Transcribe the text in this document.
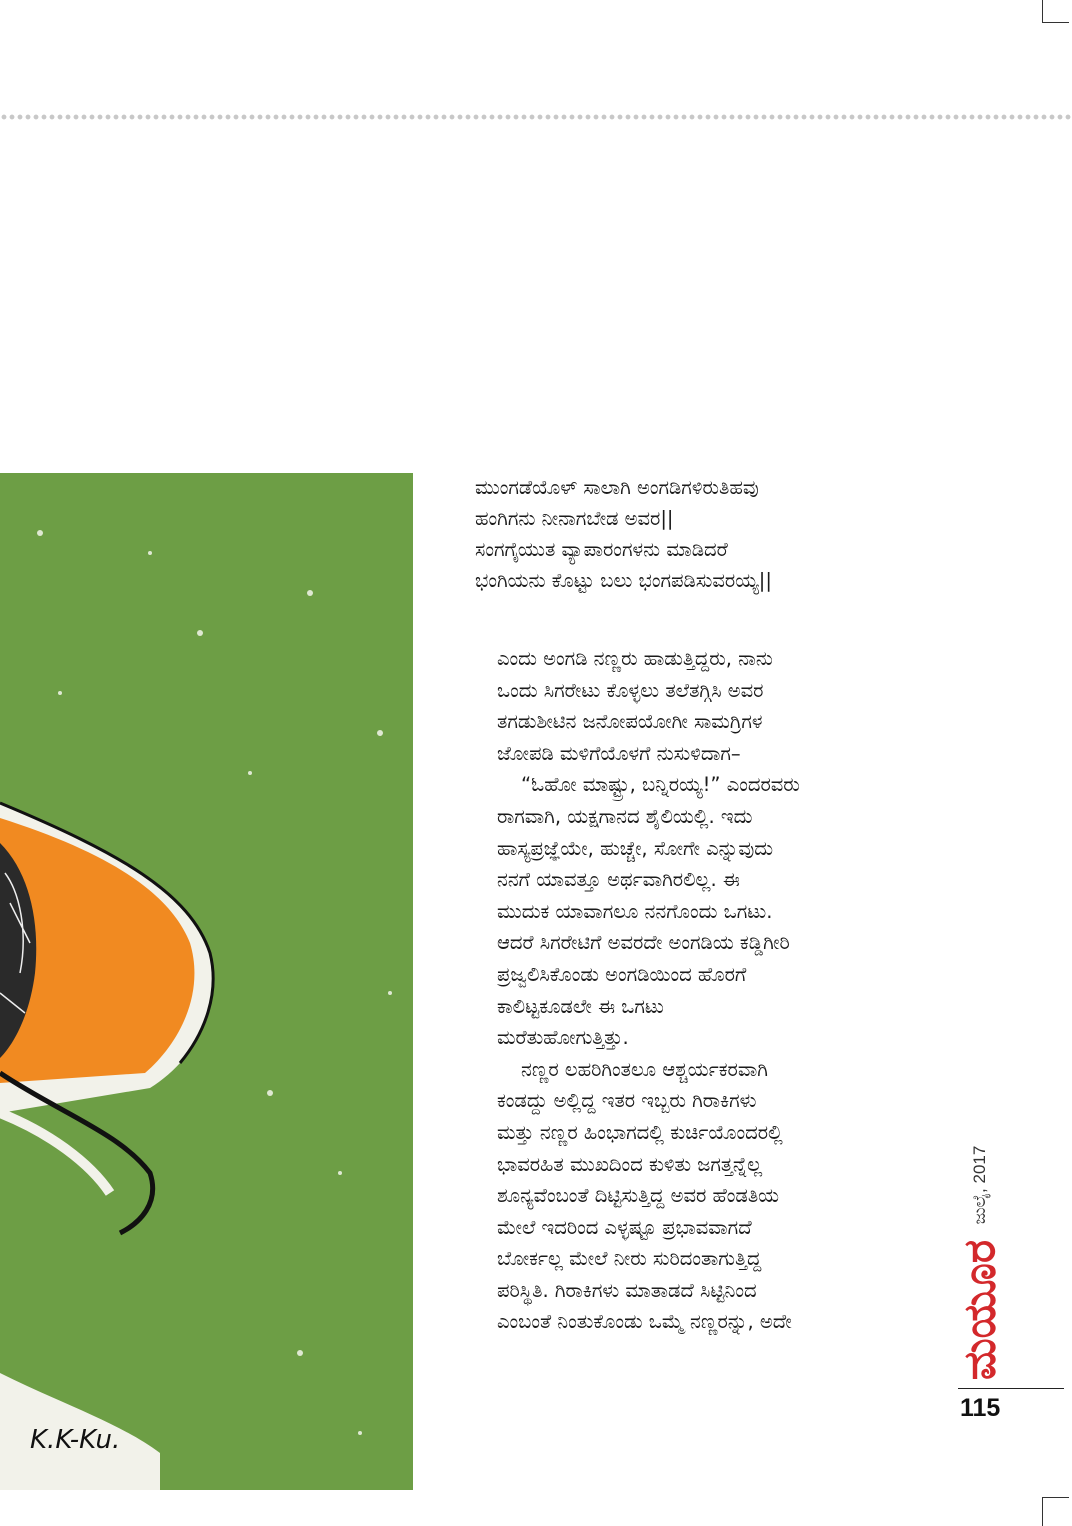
K.K-Ku.
ಮುಂಗಡೆಯೊಳ್ ಸಾಲಾಗಿ ಅಂಗಡಿಗಳಿರುತಿಹವು
ಹಂಗಿಗನು ನೀನಾಗಬೇಡ ಅವರ||
ಸಂಗಗೈಯುತ ವ್ಯಾಪಾರಂಗಳನು ಮಾಡಿದರೆ
ಭಂಗಿಯನು ಕೊಟ್ಟು ಬಲು ಭಂಗಪಡಿಸುವರಯ್ಯ||
ಎಂದು ಅಂಗಡಿ ನಣ್ಣರು ಹಾಡುತ್ತಿದ್ದರು, ನಾನು
ಒಂದು ಸಿಗರೇಟು ಕೊಳ್ಳಲು ತಲೆತಗ್ಗಿಸಿ ಅವರ
ತಗಡುಶೀಟಿನ ಜನೋಪಯೋಗೀ ಸಾಮಗ್ರಿಗಳ
ಜೋಪಡಿ ಮಳಿಗೆಯೊಳಗೆ ನುಸುಳಿದಾಗ–
“ಓಹೋ ಮಾಷ್ಟ್ರು, ಬನ್ನಿರಯ್ಯ!” ಎಂದರವರು
ರಾಗವಾಗಿ, ಯಕ್ಷಗಾನದ ಶೈಲಿಯಲ್ಲಿ. ಇದು
ಹಾಸ್ಯಪ್ರಜ್ಞೆಯೇ, ಹುಚ್ಚೇ, ಸೋಗೇ ಎನ್ನುವುದು
ನನಗೆ ಯಾವತ್ತೂ ಅರ್ಥವಾಗಿರಲಿಲ್ಲ. ಈ
ಮುದುಕ ಯಾವಾಗಲೂ ನನಗೊಂದು ಒಗಟು.
ಆದರೆ ಸಿಗರೇಟಿಗೆ ಅವರದೇ ಅಂಗಡಿಯ ಕಡ್ಡಿಗೀರಿ
ಪ್ರಜ್ವಲಿಸಿಕೊಂಡು ಅಂಗಡಿಯಿಂದ ಹೊರಗೆ
ಕಾಲಿಟ್ಟಕೂಡಲೇ ಈ ಒಗಟು
ಮರೆತುಹೋಗುತ್ತಿತ್ತು.
ನಣ್ಣರ ಲಹರಿಗಿಂತಲೂ ಆಶ್ಚರ್ಯಕರವಾಗಿ
ಕಂಡದ್ದು ಅಲ್ಲಿದ್ದ ಇತರ ಇಬ್ಬರು ಗಿರಾಕಿಗಳು
ಮತ್ತು ನಣ್ಣರ ಹಿಂಭಾಗದಲ್ಲಿ ಕುರ್ಚಿಯೊಂದರಲ್ಲಿ
ಭಾವರಹಿತ ಮುಖದಿಂದ ಕುಳಿತು ಜಗತ್ತನ್ನೆಲ್ಲ
ಶೂನ್ಯವೆಂಬಂತೆ ದಿಟ್ಟಿಸುತ್ತಿದ್ದ ಅವರ ಹೆಂಡತಿಯ
ಮೇಲೆ ಇದರಿಂದ ಎಳ್ಳಷ್ಟೂ ಪ್ರಭಾವವಾಗದೆ
ಬೋರ್ಕಲ್ಲ ಮೇಲೆ ನೀರು ಸುರಿದಂತಾಗುತ್ತಿದ್ದ
ಪರಿಸ್ಥಿತಿ. ಗಿರಾಕಿಗಳು ಮಾತಾಡದೆ ಸಿಟ್ಟಿನಿಂದ
ಎಂಬಂತೆ ನಿಂತುಕೊಂಡು ಒಮ್ಮೆ ನಣ್ಣರನ್ನು, ಅದೇ
ಜುಲೈ, 2017
ಮಯೂರ
115
